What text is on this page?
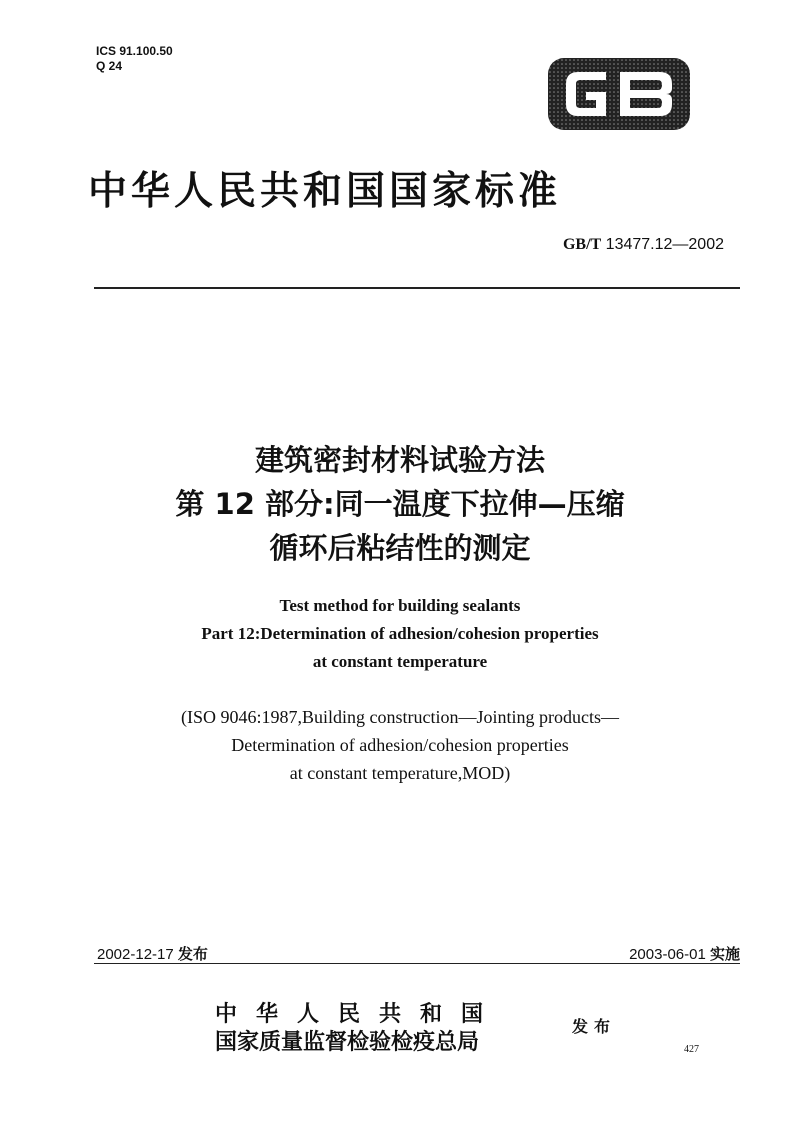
ICS 91.100.50
Q 24
中华人民共和国国家标准
GB/T 13477.12—2002
建筑密封材料试验方法
第 12 部分:同一温度下拉伸—压缩
循环后粘结性的测定
Test method for building sealants
Part 12:Determination of adhesion/cohesion properties
at constant temperature
(ISO 9046:1987,Building construction—Jointing products—
Determination of adhesion/cohesion properties
at constant temperature,MOD)
2002-12-17 发布	2003-06-01 实施
中华人民共和国
国家质量监督检验检疫总局
发布
427
